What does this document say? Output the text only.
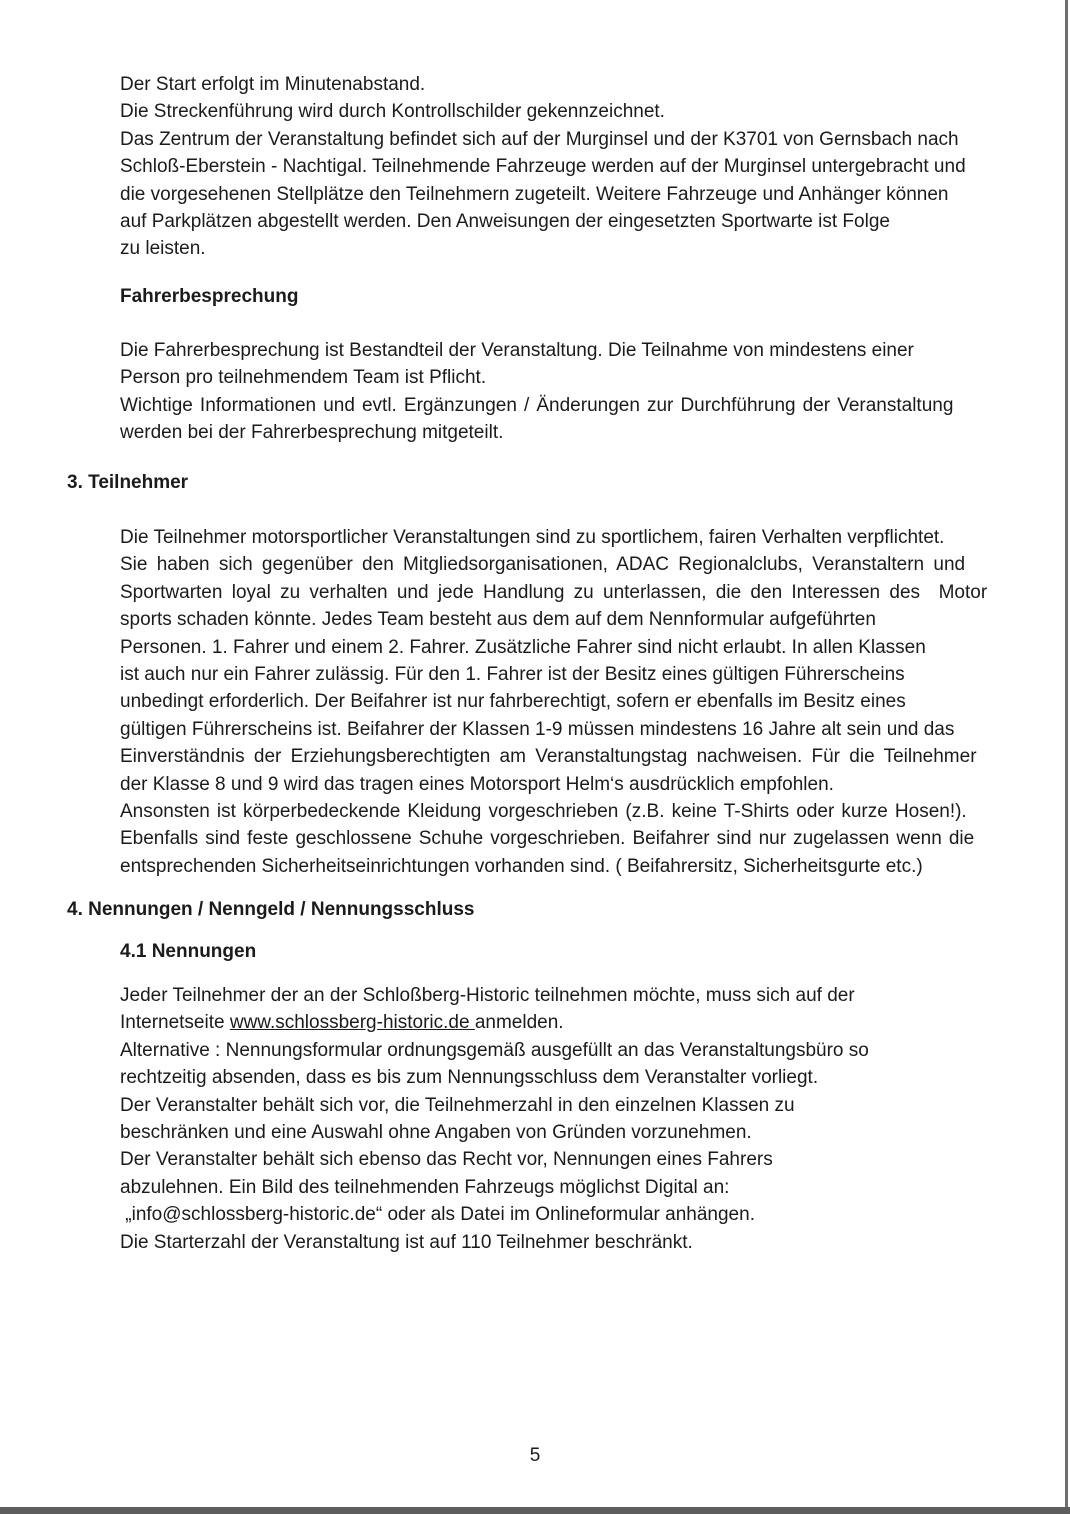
Der Start erfolgt im Minutenabstand.
Die Streckenführung wird durch Kontrollschilder gekennzeichnet.
Das Zentrum der Veranstaltung befindet sich auf der Murginsel und der K3701 von Gernsbach nach
Schloß-Eberstein - Nachtigal. Teilnehmende Fahrzeuge werden auf der Murginsel untergebracht und
die vorgesehenen Stellplätze den Teilnehmern zugeteilt. Weitere Fahrzeuge und Anhänger können
auf Parkplätzen abgestellt werden. Den Anweisungen der eingesetzten Sportwarte ist Folge
zu leisten.
Fahrerbesprechung
Die Fahrerbesprechung ist Bestandteil der Veranstaltung. Die Teilnahme von mindestens einer
Person pro teilnehmendem Team ist Pflicht.
Wichtige Informationen und evtl. Ergänzungen / Änderungen zur Durchführung der Veranstaltung
werden bei der Fahrerbesprechung mitgeteilt.
3. Teilnehmer
Die Teilnehmer motorsportlicher Veranstaltungen sind zu sportlichem, fairen Verhalten verpflichtet.
Sie haben sich gegenüber den Mitgliedsorganisationen, ADAC Regionalclubs, Veranstaltern und
Sportwarten loyal zu verhalten und jede Handlung zu unterlassen, die den Interessen des  Motor
sports schaden könnte. Jedes Team besteht aus dem auf dem Nennformular aufgeführten
Personen. 1. Fahrer und einem 2. Fahrer. Zusätzliche Fahrer sind nicht erlaubt. In allen Klassen
ist auch nur ein Fahrer zulässig. Für den 1. Fahrer ist der Besitz eines gültigen Führerscheins
unbedingt erforderlich. Der Beifahrer ist nur fahrberechtigt, sofern er ebenfalls im Besitz eines
gültigen Führerscheins ist. Beifahrer der Klassen 1-9 müssen mindestens 16 Jahre alt sein und das
Einverständnis der Erziehungsberechtigten am Veranstaltungstag nachweisen. Für die Teilnehmer
der Klasse 8 und 9 wird das tragen eines Motorsport Helm‘s ausdrücklich empfohlen.
Ansonsten ist körperbedeckende Kleidung vorgeschrieben (z.B. keine T-Shirts oder kurze Hosen!).
Ebenfalls sind feste geschlossene Schuhe vorgeschrieben. Beifahrer sind nur zugelassen wenn die
entsprechenden Sicherheitseinrichtungen vorhanden sind. ( Beifahrersitz, Sicherheitsgurte etc.)
4. Nennungen / Nenngeld / Nennungsschluss
4.1 Nennungen
Jeder Teilnehmer der an der Schloßberg-Historic teilnehmen möchte, muss sich auf der
Internetseite www.schlossberg-historic.de anmelden.
Alternative : Nennungsformular ordnungsgemäß ausgefüllt an das Veranstaltungsbüro so
rechtzeitig absenden, dass es bis zum Nennungsschluss dem Veranstalter vorliegt.
Der Veranstalter behält sich vor, die Teilnehmerzahl in den einzelnen Klassen zu
beschränken und eine Auswahl ohne Angaben von Gründen vorzunehmen.
Der Veranstalter behält sich ebenso das Recht vor, Nennungen eines Fahrers
abzulehnen. Ein Bild des teilnehmenden Fahrzeugs möglichst Digital an:
„info@schlossberg-historic.de“ oder als Datei im Onlineformular anhängen.
Die Starterzahl der Veranstaltung ist auf 110 Teilnehmer beschränkt.
5
